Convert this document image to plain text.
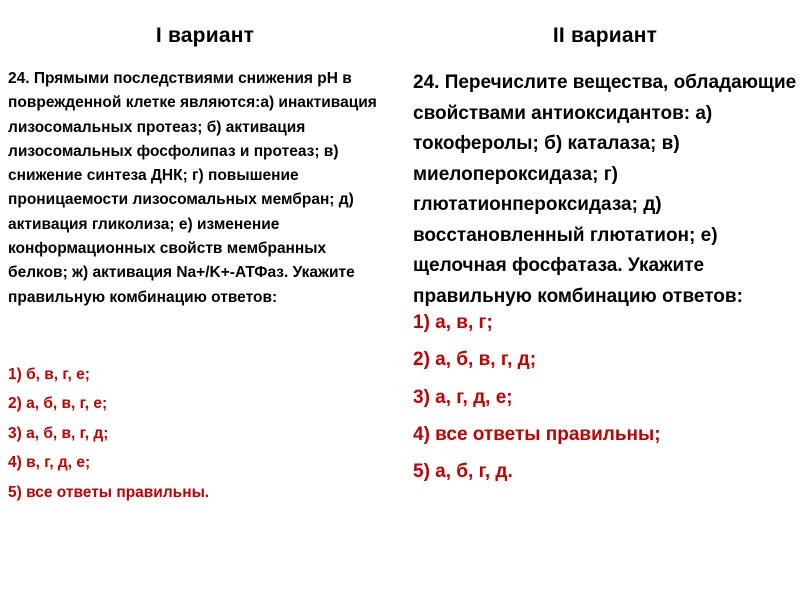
I вариант

24. Прямыми последствиями снижения pH в поврежденной клетке являются:а) инактивация лизосомальных протеаз; б) активация лизосомальных фосфолипаз и протеаз; в) снижение синтеза ДНК; г) повышение проницаемости лизосомальных мембран; д) активация гликолиза; е) изменение конформационных свойств мембранных белков; ж) активация Na+/K+-АТФаз. Укажите правильную комбинацию ответов:

1) б, в, г, е;
2) а, б, в, г, е;
3) а, б, в, г, д;
4) в, г, д, е;
5) все ответы правильны.
II вариант

24. Перечислите вещества, обладающие свойствами антиоксидантов: а) токоферолы; б) каталаза; в) миелопероксидаза; г) глютатионпероксидаза; д) восстановленный глютатион; е) щелочная фосфатаза. Укажите правильную комбинацию ответов:

1) а, в, г;
2) а, б, в, г, д;
3) а, г, д, е;
4) все ответы правильны;
5) а, б, г, д.
